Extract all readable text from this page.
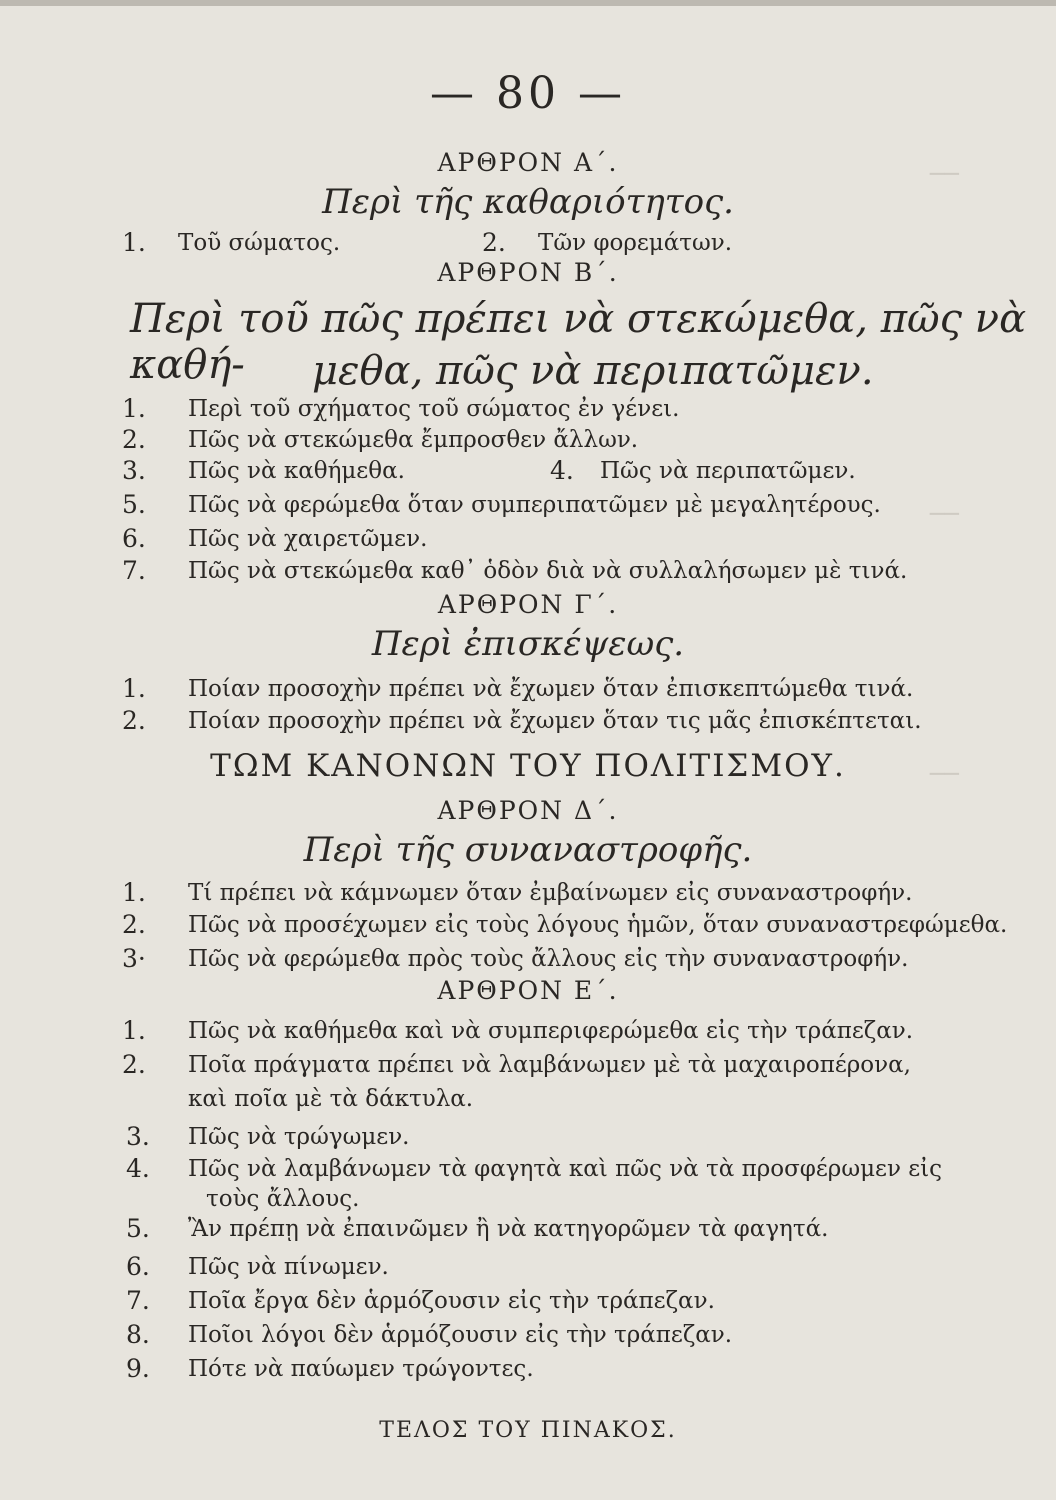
──
──
──
— 80 —
ΑΡΘΡΟΝ Α΄.
Περὶ τῆς καθαριότητος.
1. Τοῦ σώματος.	2. Τῶν φορεμάτων.
ΑΡΘΡΟΝ Β΄.
Περὶ τοῦ πῶς πρέπει νὰ στεκώμεθα, πῶς νὰ καθή-	μεθα, πῶς νὰ περιπατῶμεν.
1. Περὶ τοῦ σχήματος τοῦ σώματος ἐν γένει.
2. Πῶς νὰ στεκώμεθα ἔμπροσθεν ἄλλων.
3. Πῶς νὰ καθήμεθα.	4. Πῶς νὰ περιπατῶμεν.
5. Πῶς νὰ φερώμεθα ὅταν συμπεριπατῶμεν μὲ μεγαλητέρους.
6. Πῶς νὰ χαιρετῶμεν.
7. Πῶς νὰ στεκώμεθα καθ᾽ ὁδὸν διὰ νὰ συλλαλήσωμεν μὲ τινά.
ΑΡΘΡΟΝ Γ΄.
Περὶ ἐπισκέψεως.
1. Ποίαν προσοχὴν πρέπει νὰ ἔχωμεν ὅταν ἐπισκεπτώμεθα τινά.
2. Ποίαν προσοχὴν πρέπει νὰ ἔχωμεν ὅταν τις μᾶς ἐπισκέπτεται.
ΤΩΜ ΚΑΝΟΝΩΝ ΤΟΥ ΠΟΛΙΤΙΣΜΟΥ.
ΑΡΘΡΟΝ Δ΄.
Περὶ τῆς συναναστροφῆς.
1. Τί πρέπει νὰ κάμνωμεν ὅταν ἐμβαίνωμεν εἰς συναναστροφήν.
2. Πῶς νὰ προσέχωμεν εἰς τοὺς λόγους ἡμῶν, ὅταν συναναστρεφώμεθα.
3· Πῶς νὰ φερώμεθα πρὸς τοὺς ἄλλους εἰς τὴν συναναστροφήν.
ΑΡΘΡΟΝ Ε΄.
1. Πῶς νὰ καθήμεθα καὶ νὰ συμπεριφερώμεθα εἰς τὴν τράπεζαν.
2. Ποῖα πράγματα πρέπει νὰ λαμβάνωμεν μὲ τὰ μαχαιροπέρονα,
καὶ ποῖα μὲ τὰ δάκτυλα.
3. Πῶς νὰ τρώγωμεν.
4. Πῶς νὰ λαμβάνωμεν τὰ φαγητὰ καὶ πῶς νὰ τὰ προσφέρωμεν εἰς
τοὺς ἄλλους.
5. Ἂν πρέπῃ νὰ ἐπαινῶμεν ἢ νὰ κατηγορῶμεν τὰ φαγητά.
6. Πῶς νὰ πίνωμεν.
7. Ποῖα ἔργα δὲν ἁρμόζουσιν εἰς τὴν τράπεζαν.
8. Ποῖοι λόγοι δὲν ἁρμόζουσιν εἰς τὴν τράπεζαν.
9. Πότε νὰ παύωμεν τρώγοντες.
ΤΕΛΟΣ ΤΟΥ ΠΙΝΑΚΟΣ.
